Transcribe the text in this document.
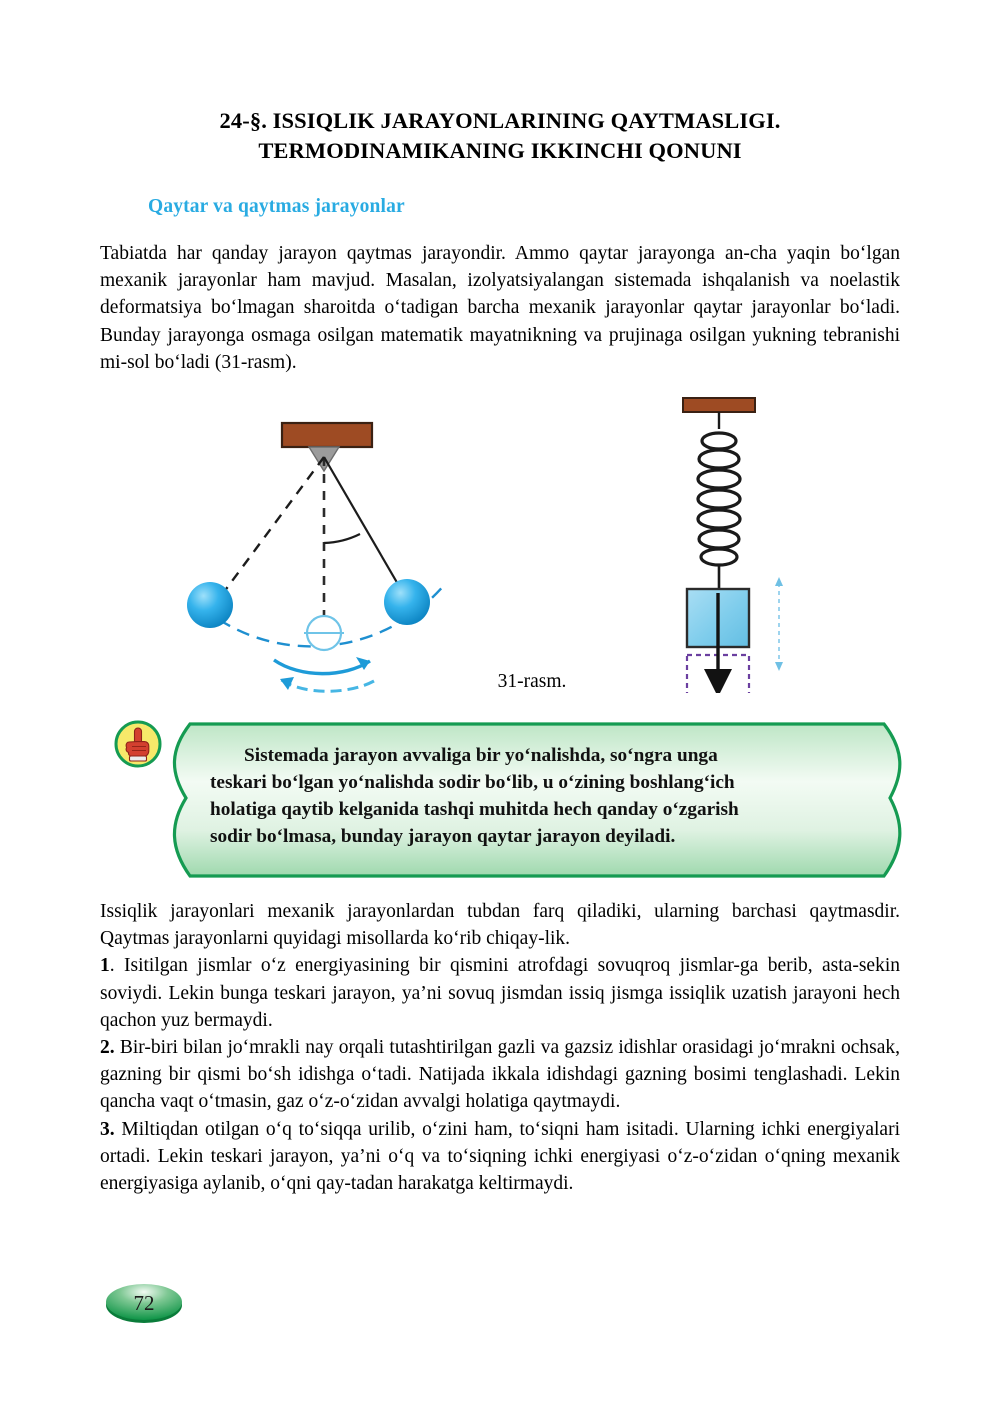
24-§. ISSIQLIK JARAYONLARINING QAYTMASLIGI.
TERMODINAMIKANING IKKINCHI QONUNI
Qaytar va qaytmas jarayonlar

Tabiatda har qanday jarayon qaytmas jarayondir. Ammo qaytar jarayonga an-cha yaqin bo‘lgan mexanik jarayonlar ham mavjud. Masalan, izolyatsiyalangan sistemada ishqalanish va noelastik deformatsiya bo‘lmagan sharoitda o‘tadigan barcha mexanik jarayonlar qaytar jarayonlar bo‘ladi. Bunday jarayonga osmaga osilgan matematik mayatnikning va prujinaga osilgan yukning tebranishi mi-sol bo‘ladi (31-rasm).

31-rasm.
Sistemada jarayon avvaliga bir yo‘nalishda, so‘ngra unga
teskari bo‘lgan yo‘nalishda sodir bo‘lib, u o‘zining boshlang‘ich
holatiga qaytib kelganida tashqi muhitda hech qanday o‘zgarish
sodir bo‘lmasa, bunday jarayon qaytar jarayon deyiladi.

Issiqlik jarayonlari mexanik jarayonlardan tubdan farq qiladiki, ularning barchasi qaytmasdir. Qaytmas jarayonlarni quyidagi misollarda ko‘rib chiqay-lik.

1. Isitilgan jismlar o‘z energiyasining bir qismini atrofdagi sovuqroq jismlar-ga berib, asta-sekin soviydi. Lekin bunga teskari jarayon, ya’ni sovuq jismdan issiq jismga issiqlik uzatish jarayoni hech qachon yuz bermaydi.

2. Bir-biri bilan jo‘mrakli nay orqali tutashtirilgan gazli va gazsiz idishlar orasidagi jo‘mrakni ochsak, gazning bir qismi bo‘sh idishga o‘tadi. Natijada ikkala idishdagi gazning bosimi tenglashadi. Lekin qancha vaqt o‘tmasin, gaz o‘z-o‘zidan avvalgi holatiga qaytmaydi.

3. Miltiqdan otilgan o‘q to‘siqqa urilib, o‘zini ham, to‘siqni ham isitadi. Ularning ichki energiyalari ortadi. Lekin teskari jarayon, ya’ni o‘q va to‘siqning ichki energiyasi o‘z-o‘zidan o‘qning mexanik energiyasiga aylanib, o‘qni qay-tadan harakatga keltirmaydi.

72
